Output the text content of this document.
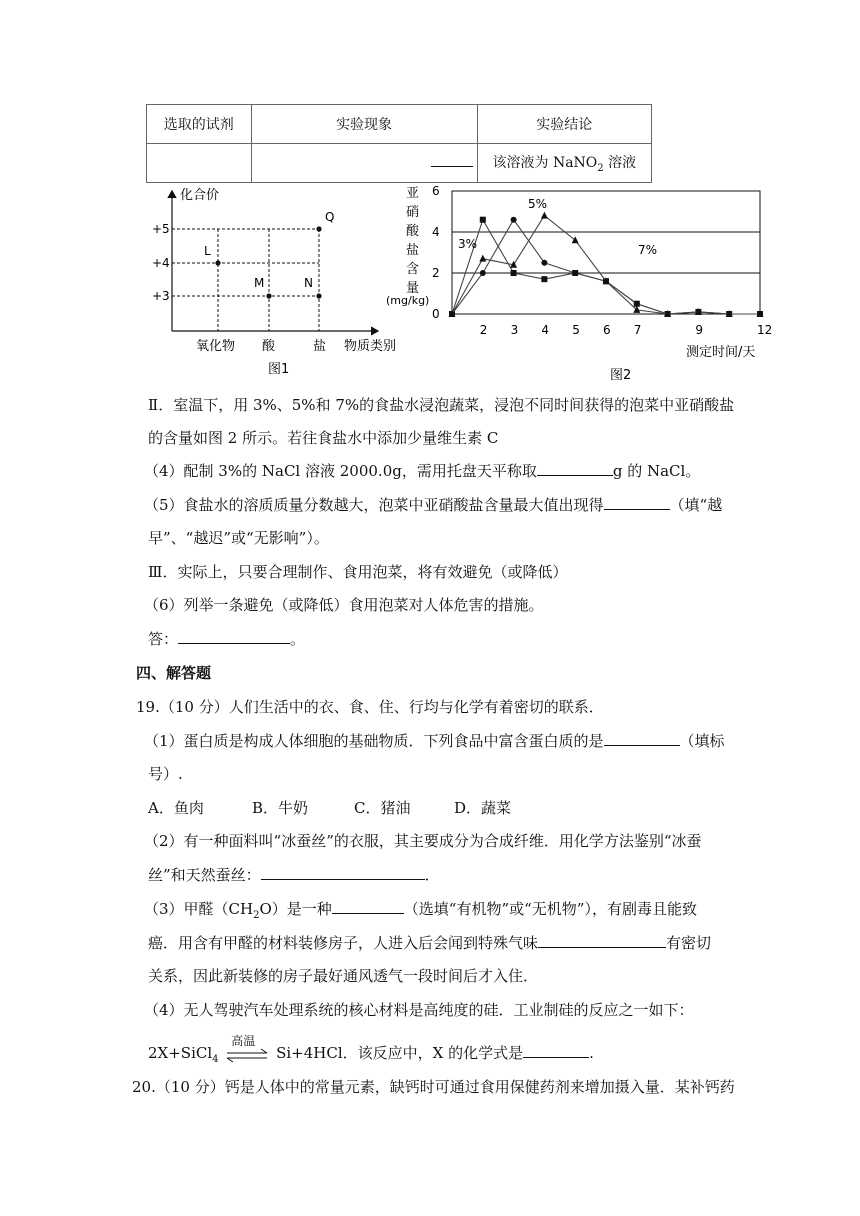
选取的试剂	实验现象	实验结论
		该溶液为 NaNO$_2$ 溶液
化合价
+5
+4
+3
L
M	N
Q
氧化物 酸	盐 物质类别
图1
亚
硝
酸
盐
含
量
(mg/kg)
0
2
4
6
2 3 4 5 6 7	9	12
3%
5%
7%
测定时间/天
图2
Ⅱ．室温下，用 3%、5%和 7%的食盐水浸泡蔬菜，浸泡不同时间获得的泡菜中亚硝酸盐
的含量如图 2 所示。若往食盐水中添加少量维生素 C
（4）配制 3%的 NaCl 溶液 2000.0g，需用托盘天平称取	g 的 NaCl。
（5）食盐水的溶质质量分数越大，泡菜中亚硝酸盐含量最大值出现得	（填“越
早”、“越迟”或“无影响”）。
Ⅲ．实际上，只要合理制作、食用泡菜，将有效避免（或降低）
（6）列举一条避免（或降低）食用泡菜对人体危害的措施。
答：	。
四、解答题
19.（10 分）人们生活中的衣、食、住、行均与化学有着密切的联系．
（1）蛋白质是构成人体细胞的基础物质．下列食品中富含蛋白质的是	（填标
号）.
A．鱼肉	B．牛奶	C．猪油	D．蔬菜
（2）有一种面料叫“冰蚕丝”的衣服，其主要成分为合成纤维．用化学方法鉴别“冰蚕
丝”和天然蚕丝：	．
（3）甲醛$(CH_2O)$是一种	（选填“有机物”或“无机物”），有剧毒且能致
癌．用含有甲醛的材料装修房子，人进入后会闻到特殊气味	有密切
关系，因此新装修的房子最好通风透气一段时间后才入住．
（4）无人驾驶汽车处理系统的核心材料是高纯度的硅．工业制硅的反应之一如下：
2X+SiCl$_4$
高温
Si+4HCl．该反应中，X 的化学式是	.
20.（10 分）钙是人体中的常量元素，缺钙时可通过食用保健药剂来增加摄入量．某补钙药
